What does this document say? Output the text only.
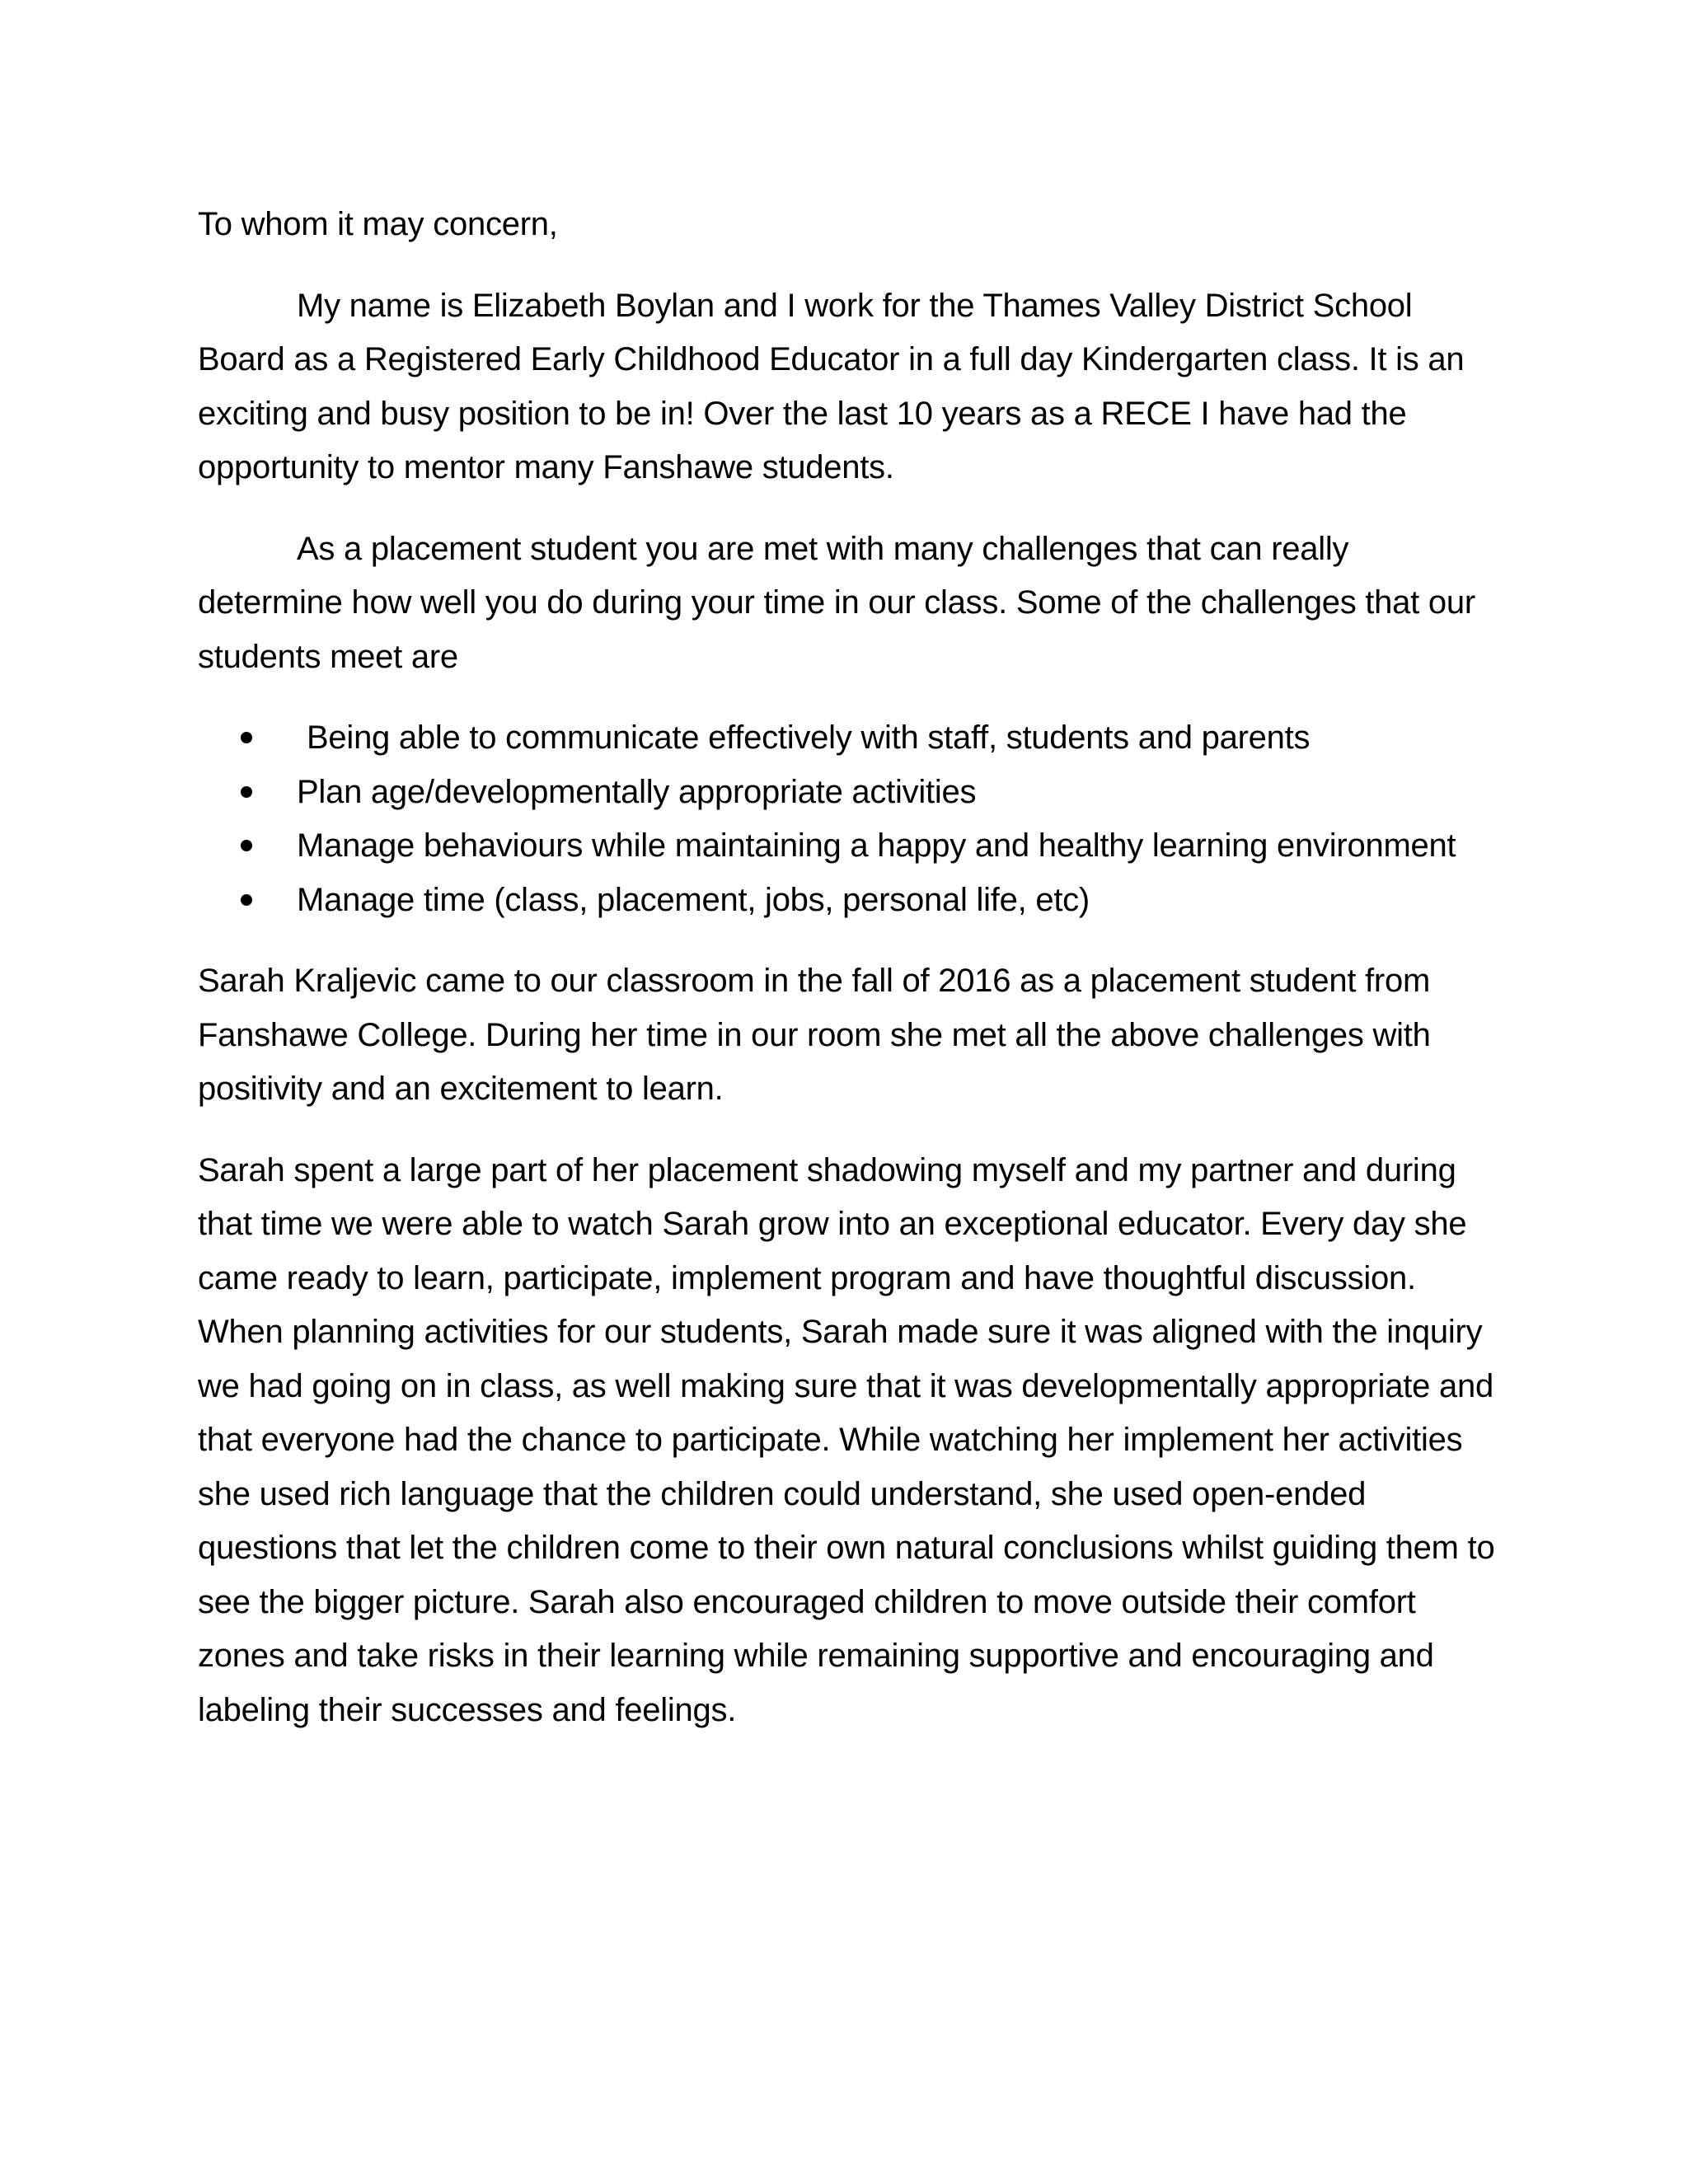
To whom it may concern,

My name is Elizabeth Boylan and I work for the Thames Valley District School Board as a Registered Early Childhood Educator in a full day Kindergarten class. It is an exciting and busy position to be in! Over the last 10 years as a RECE I have had the opportunity to mentor many Fanshawe students.

As a placement student you are met with many challenges that can really determine how well you do during your time in our class. Some of the challenges that our students meet are

Being able to communicate effectively with staff, students and parents
Plan age/developmentally appropriate activities
Manage behaviours while maintaining a happy and healthy learning environment
Manage time (class, placement, jobs, personal life, etc)

Sarah Kraljevic came to our classroom in the fall of 2016 as a placement student from Fanshawe College. During her time in our room she met all the above challenges with positivity and an excitement to learn.

Sarah spent a large part of her placement shadowing myself and my partner and during that time we were able to watch Sarah grow into an exceptional educator. Every day she came ready to learn, participate, implement program and have thoughtful discussion. When planning activities for our students, Sarah made sure it was aligned with the inquiry we had going on in class, as well making sure that it was developmentally appropriate and that everyone had the chance to participate. While watching her implement her activities she used rich language that the children could understand, she used open-ended questions that let the children come to their own natural conclusions whilst guiding them to see the bigger picture. Sarah also encouraged children to move outside their comfort zones and take risks in their learning while remaining supportive and encouraging and labeling their successes and feelings.
